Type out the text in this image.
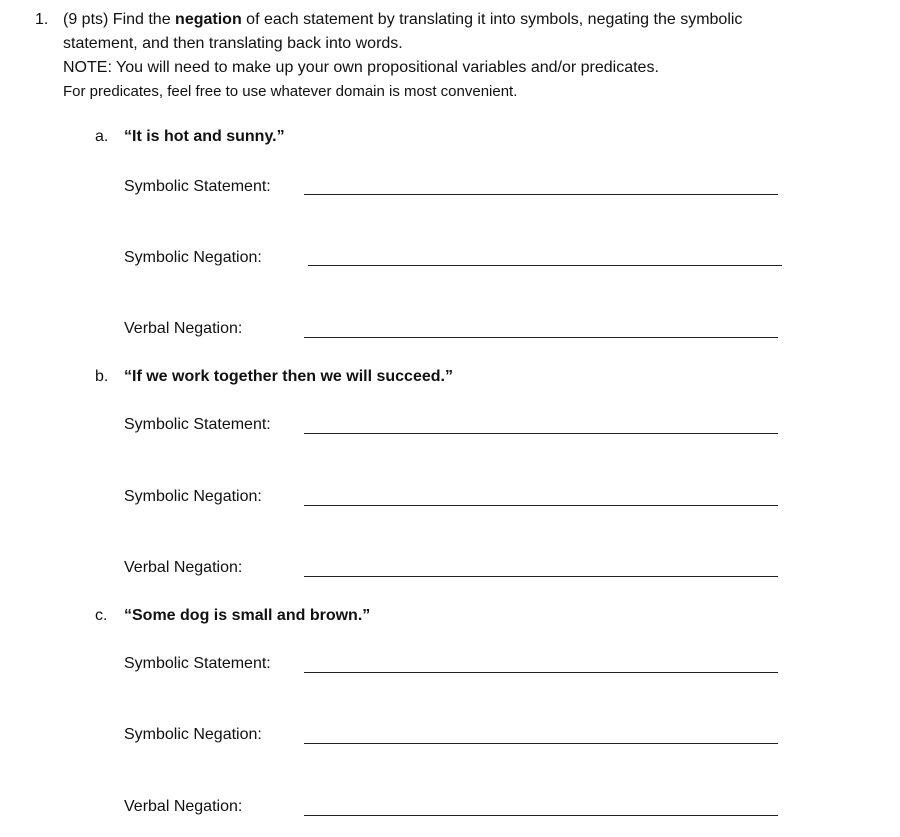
1. (9 pts) Find the negation of each statement by translating it into symbols, negating the symbolic
statement, and then translating back into words.
NOTE: You will need to make up your own propositional variables and/or predicates.
For predicates, feel free to use whatever domain is most convenient.
a. “It is hot and sunny.”
Symbolic Statement:
Symbolic Negation:
Verbal Negation:
b. “If we work together then we will succeed.”
Symbolic Statement:
Symbolic Negation:
Verbal Negation:
c. “Some dog is small and brown.”
Symbolic Statement:
Symbolic Negation:
Verbal Negation:
